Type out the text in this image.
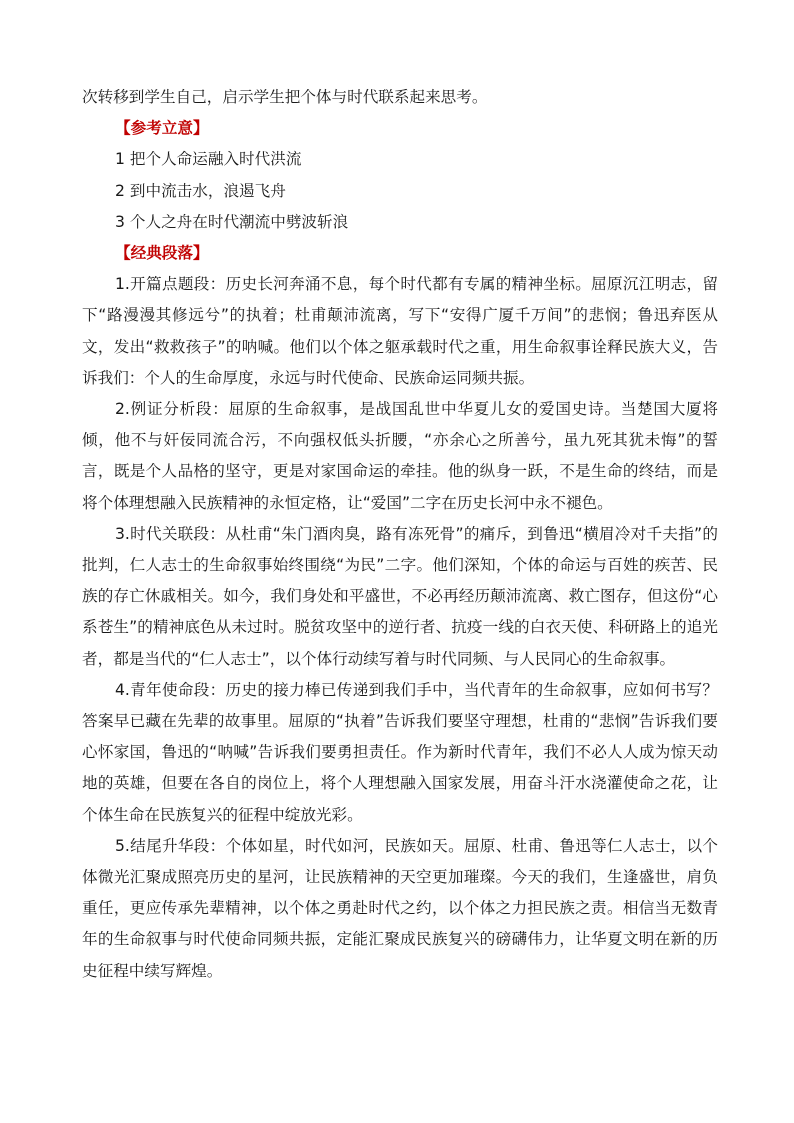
次转移到学生自己，启示学生把个体与时代联系起来思考。

【参考立意】

1 把个人命运融入时代洪流

2 到中流击水，浪遏飞舟

3 个人之舟在时代潮流中劈波斩浪

【经典段落】

1.开篇点题段：历史长河奔涌不息，每个时代都有专属的精神坐标。屈原沉江明志，留下“路漫漫其修远兮”的执着；杜甫颠沛流离，写下“安得广厦千万间”的悲悯；鲁迅弃医从文，发出“救救孩子”的呐喊。他们以个体之躯承载时代之重，用生命叙事诠释民族大义，告诉我们：个人的生命厚度，永远与时代使命、民族命运同频共振。

2.例证分析段：屈原的生命叙事，是战国乱世中华夏儿女的爱国史诗。当楚国大厦将倾，他不与奸佞同流合污，不向强权低头折腰，“亦余心之所善兮，虽九死其犹未悔”的誓言，既是个人品格的坚守，更是对家国命运的牵挂。他的纵身一跃，不是生命的终结，而是将个体理想融入民族精神的永恒定格，让“爱国”二字在历史长河中永不褪色。

3.时代关联段：从杜甫“朱门酒肉臭，路有冻死骨”的痛斥，到鲁迅“横眉冷对千夫指”的批判，仁人志士的生命叙事始终围绕“为民”二字。他们深知，个体的命运与百姓的疾苦、民族的存亡休戚相关。如今，我们身处和平盛世，不必再经历颠沛流离、救亡图存，但这份“心系苍生”的精神底色从未过时。脱贫攻坚中的逆行者、抗疫一线的白衣天使、科研路上的追光者，都是当代的“仁人志士”，以个体行动续写着与时代同频、与人民同心的生命叙事。

4.青年使命段：历史的接力棒已传递到我们手中，当代青年的生命叙事，应如何书写？答案早已藏在先辈的故事里。屈原的“执着”告诉我们要坚守理想，杜甫的“悲悯”告诉我们要心怀家国，鲁迅的“呐喊”告诉我们要勇担责任。作为新时代青年，我们不必人人成为惊天动地的英雄，但要在各自的岗位上，将个人理想融入国家发展，用奋斗汗水浇灌使命之花，让个体生命在民族复兴的征程中绽放光彩。

5.结尾升华段：个体如星，时代如河，民族如天。屈原、杜甫、鲁迅等仁人志士，以个体微光汇聚成照亮历史的星河，让民族精神的天空更加璀璨。今天的我们，生逢盛世，肩负重任，更应传承先辈精神，以个体之勇赴时代之约，以个体之力担民族之责。相信当无数青年的生命叙事与时代使命同频共振，定能汇聚成民族复兴的磅礴伟力，让华夏文明在新的历史征程中续写辉煌。
